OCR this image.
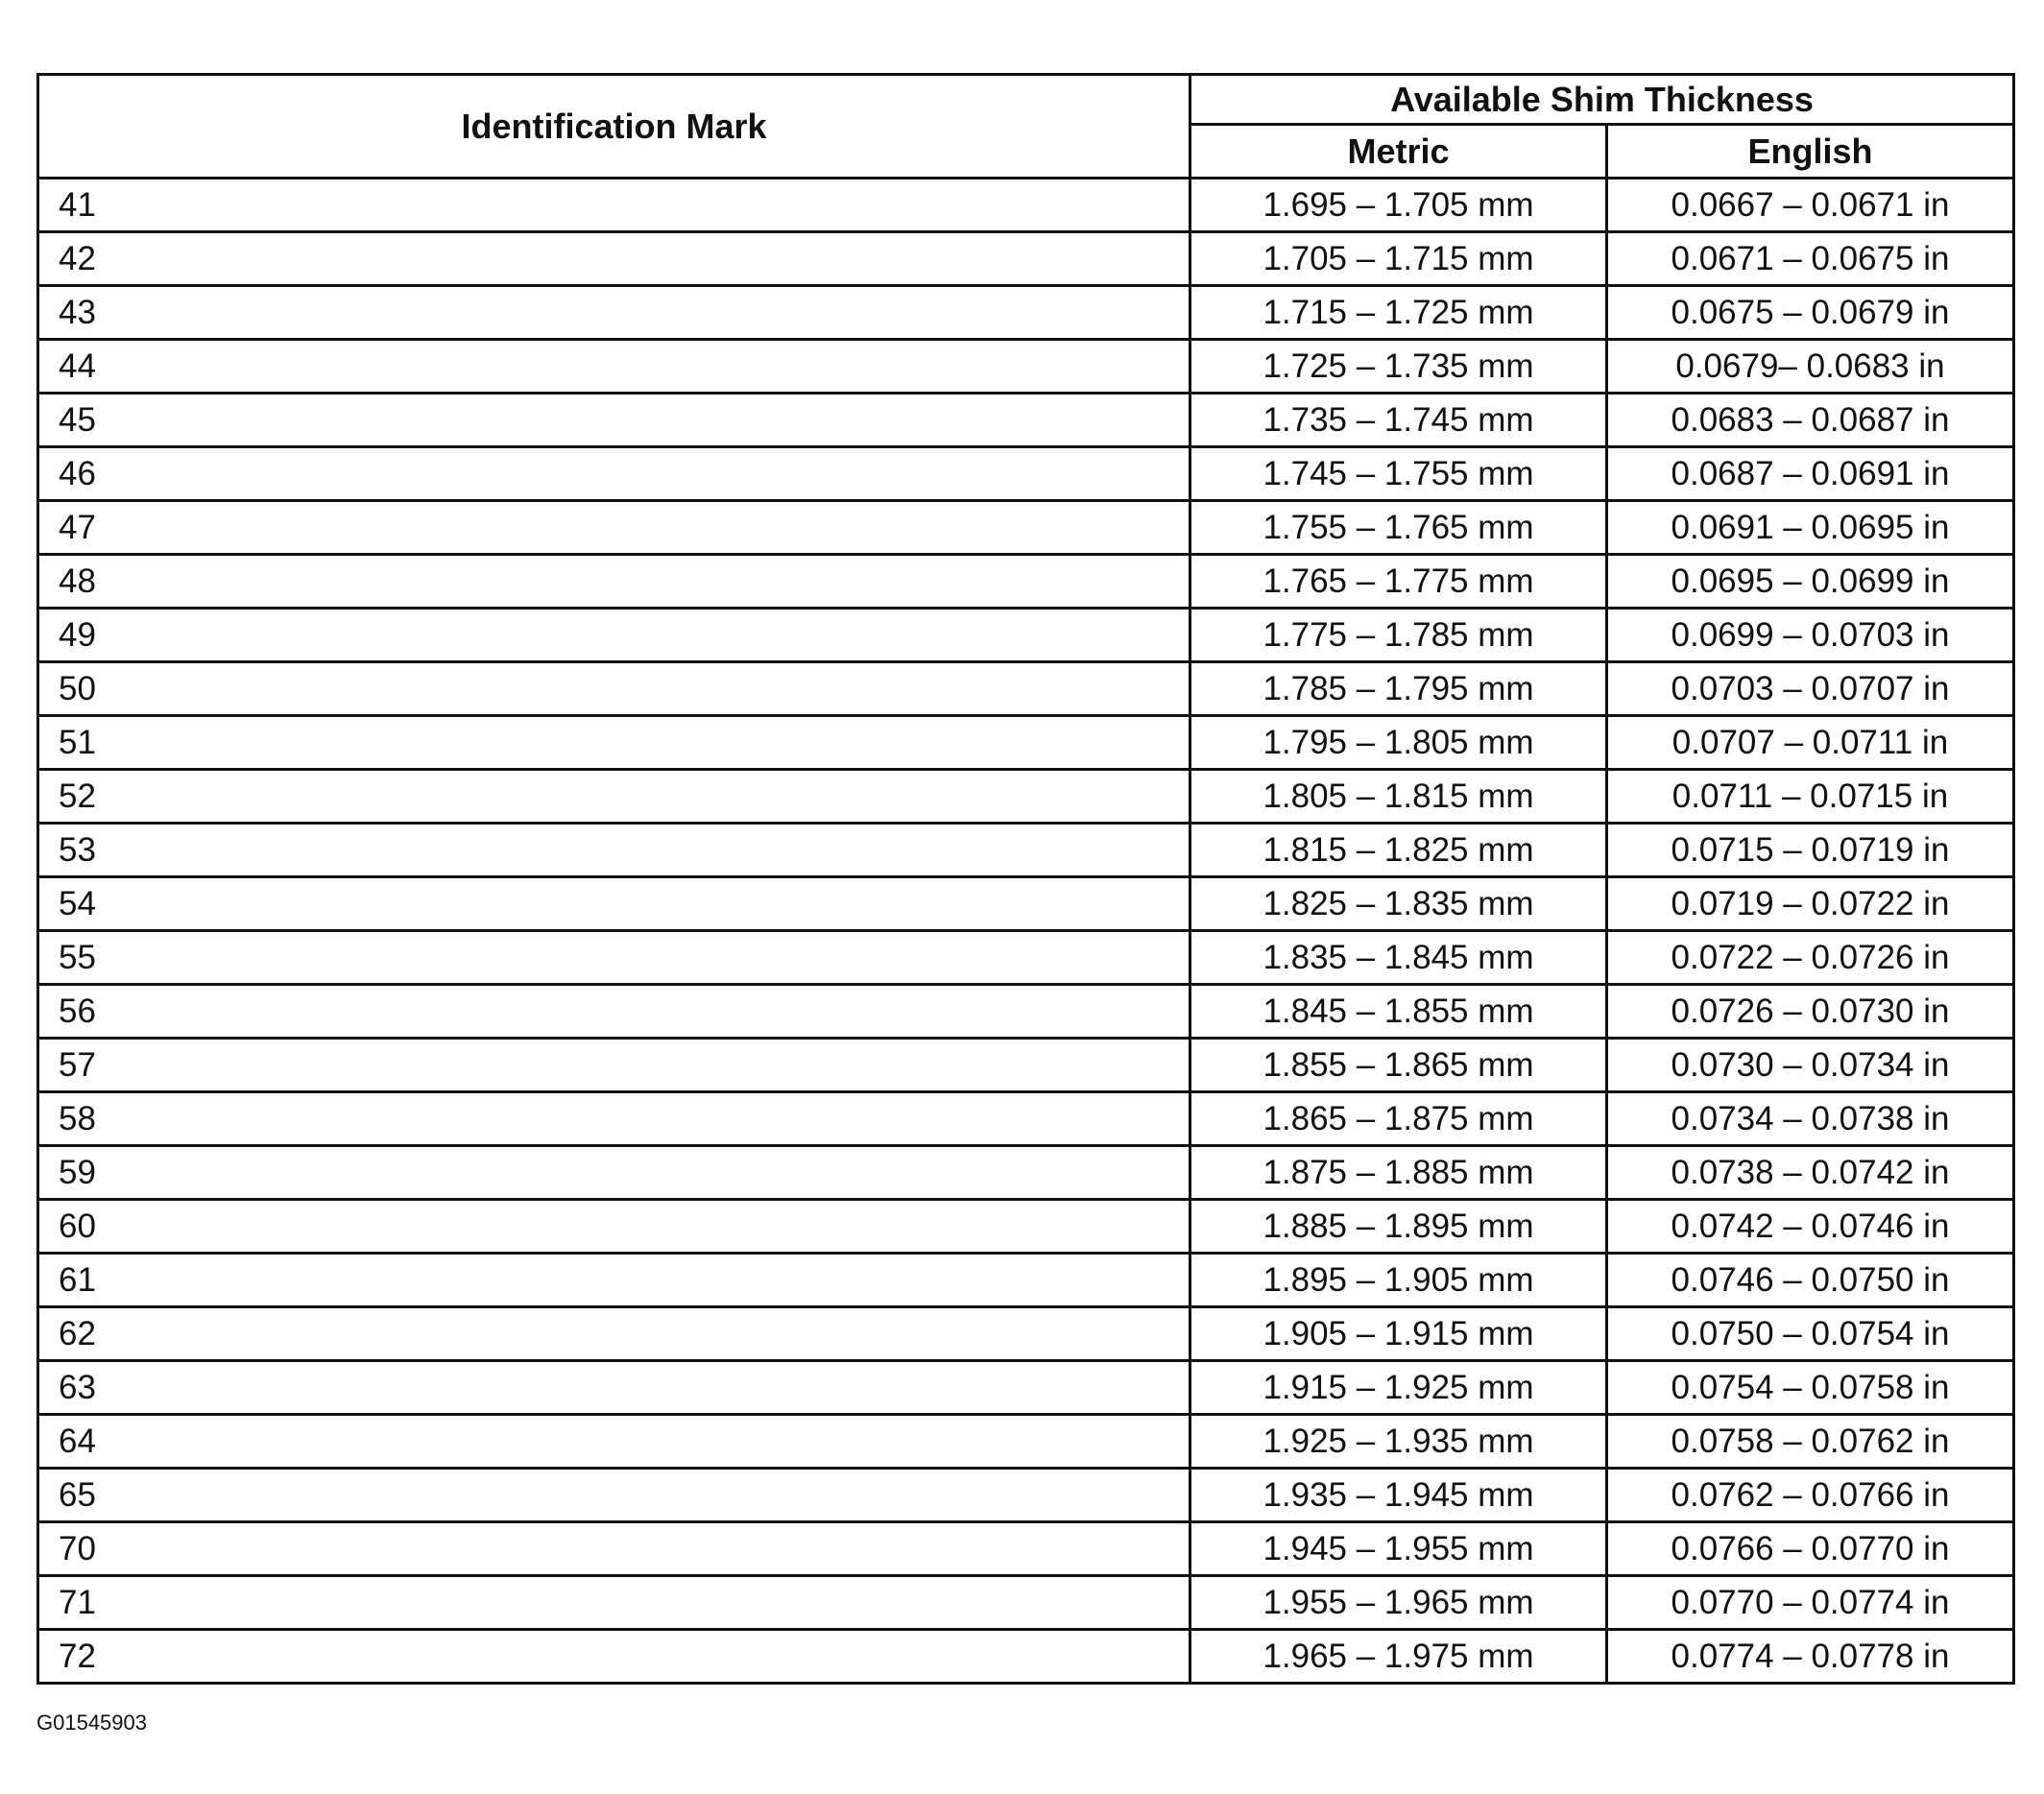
Identification Mark	Available Shim Thickness	
	Metric	English
41	1.695 – 1.705 mm	0.0667 – 0.0671 in
42	1.705 – 1.715 mm	0.0671 – 0.0675 in
43	1.715 – 1.725 mm	0.0675 – 0.0679 in
44	1.725 – 1.735 mm	0.0679– 0.0683 in
45	1.735 – 1.745 mm	0.0683 – 0.0687 in
46	1.745 – 1.755 mm	0.0687 – 0.0691 in
47	1.755 – 1.765 mm	0.0691 – 0.0695 in
48	1.765 – 1.775 mm	0.0695 – 0.0699 in
49	1.775 – 1.785 mm	0.0699 – 0.0703 in
50	1.785 – 1.795 mm	0.0703 – 0.0707 in
51	1.795 – 1.805 mm	0.0707 – 0.0711 in
52	1.805 – 1.815 mm	0.0711 – 0.0715 in
53	1.815 – 1.825 mm	0.0715 – 0.0719 in
54	1.825 – 1.835 mm	0.0719 – 0.0722 in
55	1.835 – 1.845 mm	0.0722 – 0.0726 in
56	1.845 – 1.855 mm	0.0726 – 0.0730 in
57	1.855 – 1.865 mm	0.0730 – 0.0734 in
58	1.865 – 1.875 mm	0.0734 – 0.0738 in
59	1.875 – 1.885 mm	0.0738 – 0.0742 in
60	1.885 – 1.895 mm	0.0742 – 0.0746 in
61	1.895 – 1.905 mm	0.0746 – 0.0750 in
62	1.905 – 1.915 mm	0.0750 – 0.0754 in
63	1.915 – 1.925 mm	0.0754 – 0.0758 in
64	1.925 – 1.935 mm	0.0758 – 0.0762 in
65	1.935 – 1.945 mm	0.0762 – 0.0766 in
70	1.945 – 1.955 mm	0.0766 – 0.0770 in
71	1.955 – 1.965 mm	0.0770 – 0.0774 in
72	1.965 – 1.975 mm	0.0774 – 0.0778 in
G01545903
